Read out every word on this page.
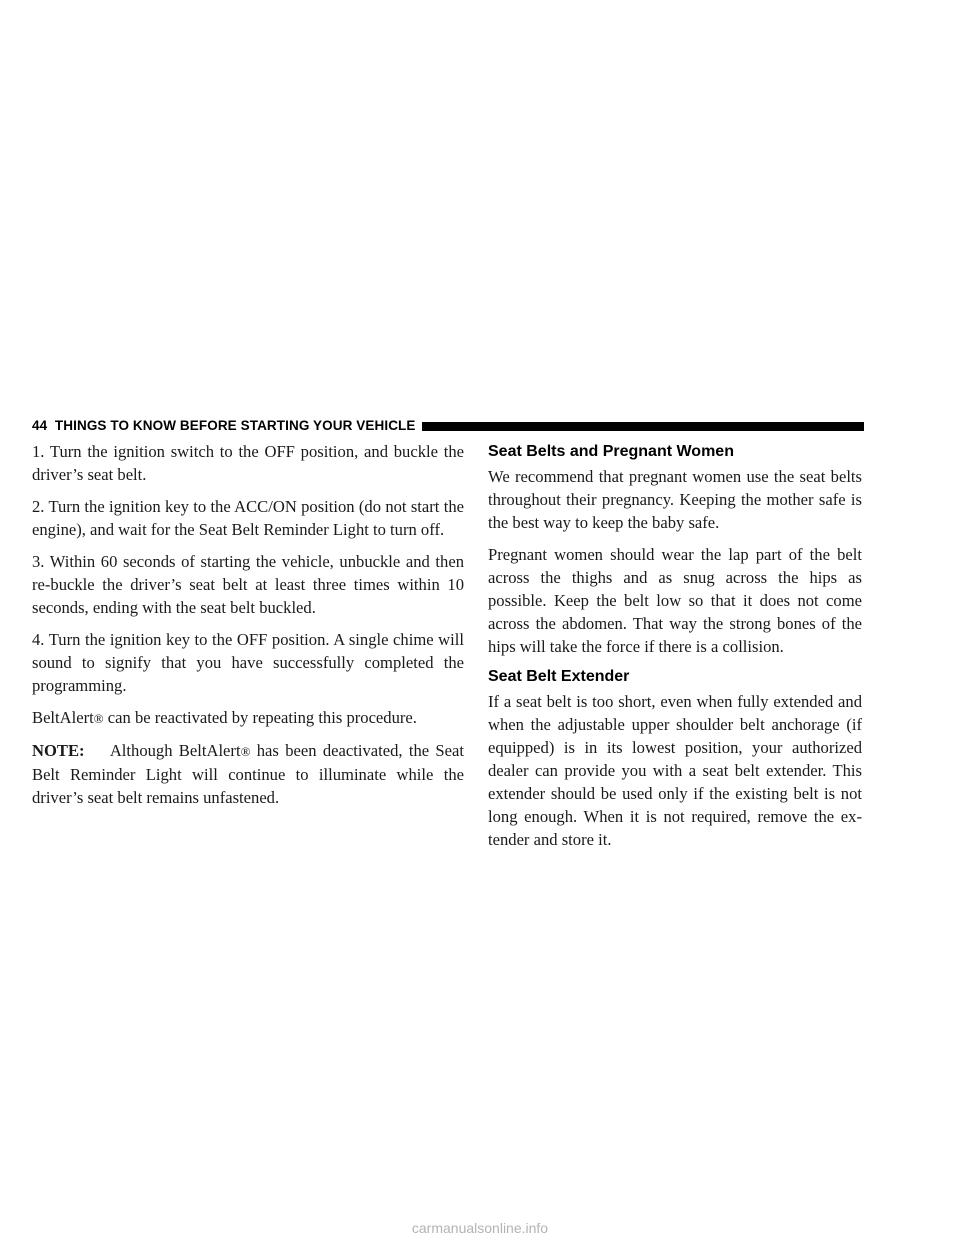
44 THINGS TO KNOW BEFORE STARTING YOUR VEHICLE

1. Turn the ignition switch to the OFF position, and buckle the driver’s seat belt.

2. Turn the ignition key to the ACC/ON position (do not start the engine), and wait for the Seat Belt Reminder Light to turn off.

3. Within 60 seconds of starting the vehicle, unbuckle and then re-buckle the driver’s seat belt at least three times within 10 seconds, ending with the seat belt buckled.

4. Turn the ignition key to the OFF position. A single chime will sound to signify that you have successfully completed the programming.

BeltAlert® can be reactivated by repeating this procedure.

NOTE: Although BeltAlert® has been deactivated, the Seat Belt Reminder Light will continue to illuminate while the driver’s seat belt remains unfastened.

Seat Belts and Pregnant Women

We recommend that pregnant women use the seat belts throughout their pregnancy. Keeping the mother safe is the best way to keep the baby safe.

Pregnant women should wear the lap part of the belt across the thighs and as snug across the hips as possible. Keep the belt low so that it does not come across the abdomen. That way the strong bones of the hips will take the force if there is a collision.

Seat Belt Extender

If a seat belt is too short, even when fully extended and when the adjustable upper shoulder belt anchorage (if equipped) is in its lowest position, your authorized dealer can provide you with a seat belt extender. This extender should be used only if the existing belt is not long enough. When it is not required, remove the ex- tender and store it.

carmanualsonline.info
